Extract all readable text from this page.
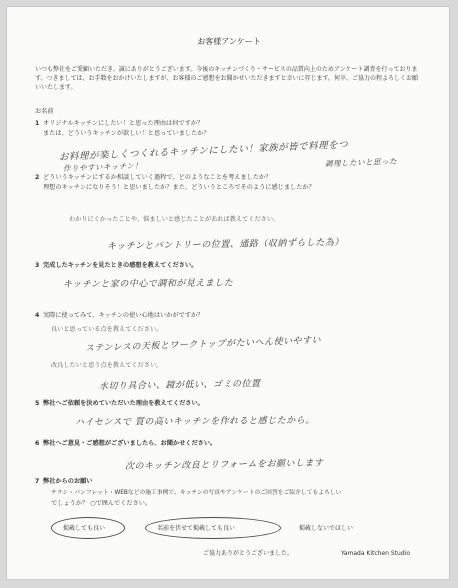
お客様アンケート
いつも弊社をご愛顧いただき、誠にありがとうございます。今後のキッチンづくり・サービスの品質向上のためアンケート調査を行っております。つきましては、お手数をおかけいたしますが、お客様のご感想をお聞かせいただきますと幸いに存じます。何卒、ご協力の程よろしくお願いいたします。
お名前
1 オリジナルキッチンにしたい！と思った理由は何ですか？
または、どういうキッチンが欲しい！と思っていましたか？
お料理が楽しくつくれるキッチンにしたい！家族が皆で料理をつ
作りやすいキッチン！	調理したいと思った
2 どういうキッチンにするか相談していく過程で、どのようなことを考えましたか？
理想のキッチンになりそう！と思いましたか？また、どういうところでそのように感じましたか？
わかりにくかったことや、悩ましいと感じたことがあれば教えてください。
キッチンとパントリーの位置、通路（収納ずらした為）
3 完成したキッチンを見たときの感想を教えてください。
キッチンと家の中心で調和が見えました
4 実際に使ってみて、キッチンの使い心地はいかがですか？
良いと思っている点を教えてください。
ステンレスの天板とワークトップがたいへん使いやすい
改良したいと思う点を教えてください。
水切り具合い、鏡が低い、ゴミの位置
5 弊社へご依頼を決めていただいた理由を教えてください。
ハイセンスで 質の高いキッチンを作れると感じたから。
6 弊社へご意見・ご感想がございましたら、お聞かせください。
次のキッチン改良とリフォームをお願いします
7 弊社からのお願い
チラシ・パンフレット・WEBなどの施工事例で、キッチンの写真やアンケートのご回答をご紹介してもよろしい
でしょうか？ ○で囲んでください。
掲載しても良い	名前を伏せて掲載しても良い	掲載しないでほしい
ご協力ありがとうございました。	Yamada Kitchen Studio
